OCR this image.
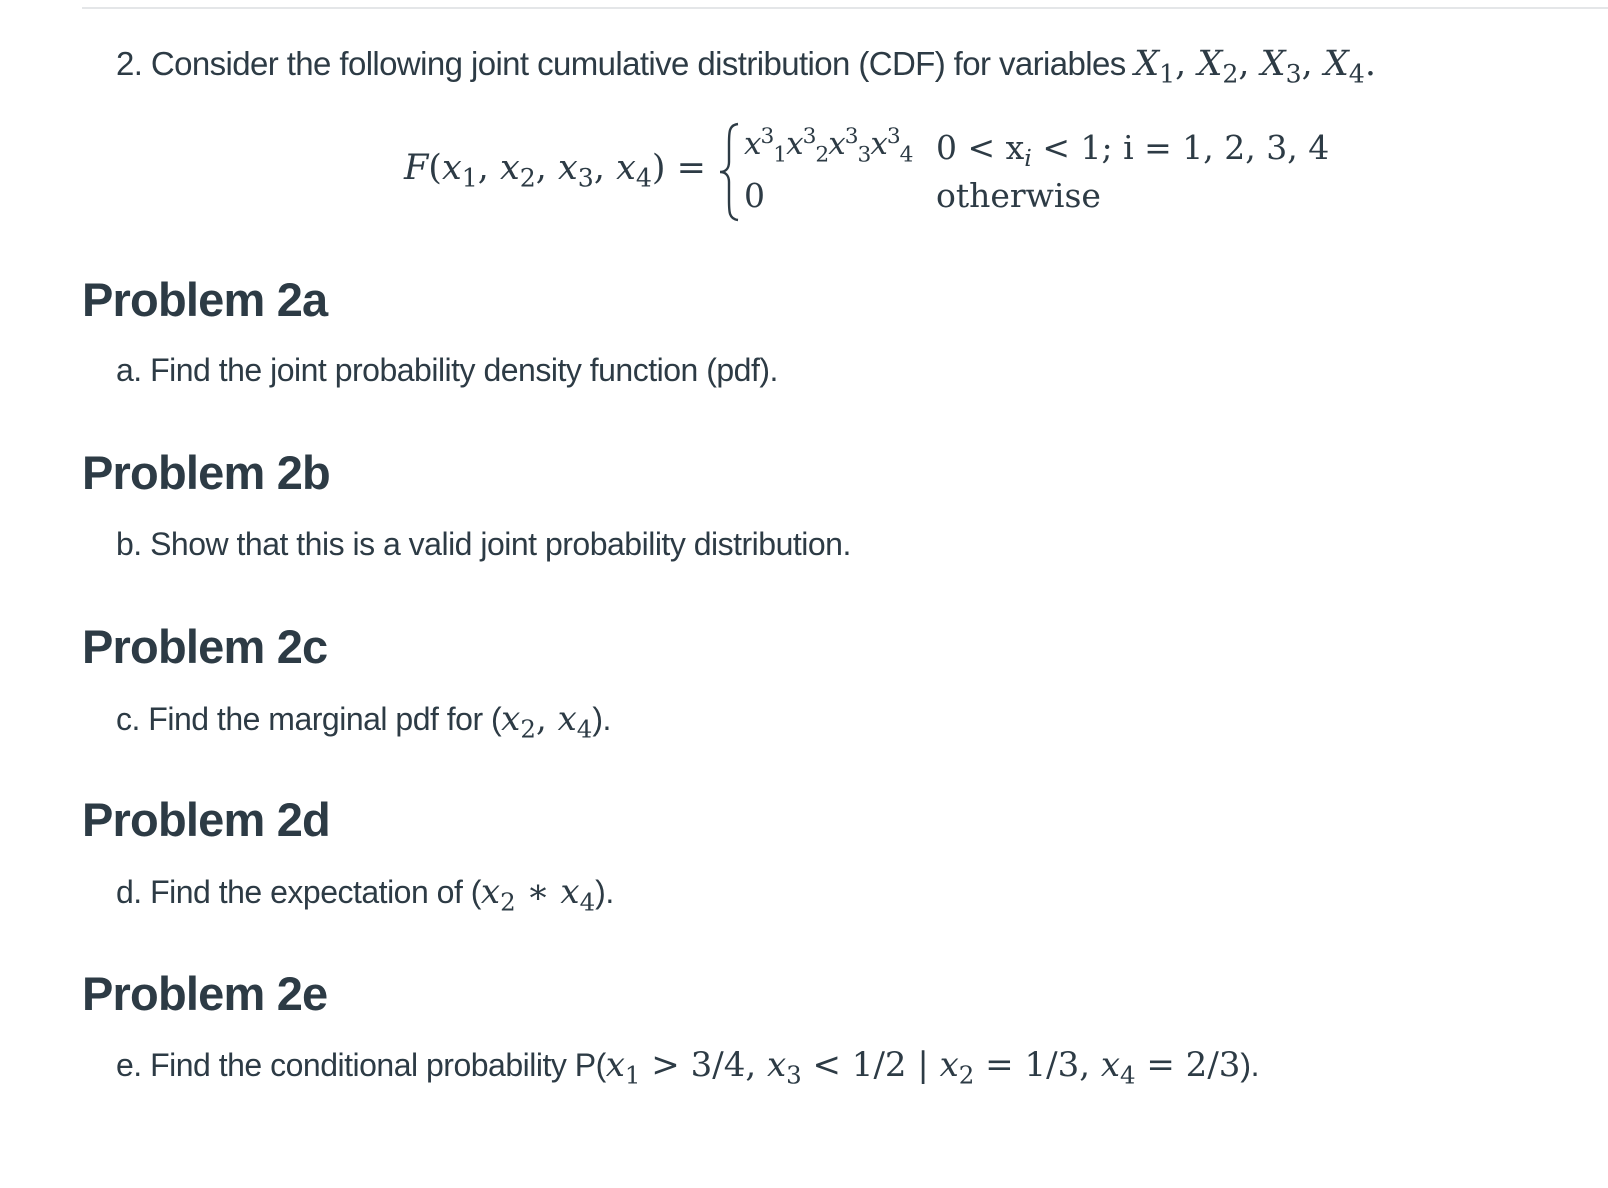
2. Consider the following joint cumulative distribution (CDF) for variables $X_1$, $X_2$, $X_3$, $X_4$.
$F(x_1$, $x_2$, $x_3$, $x_4$) =
$x^3_1x^3_2x^3_3x^3_4$
0
$0 < x_i < 1$; i = 1, 2, 3, 4
otherwise
Problem 2a
a. Find the joint probability density function (pdf).
Problem 2b
b. Show that this is a valid joint probability distribution.
Problem 2c
c. Find the marginal pdf for ($x_2$, $x_4$).
Problem 2d
d. Find the expectation of ($x_2$ ∗ $x_4$).
Problem 2e
e. Find the conditional probability $P(x_1 > 3/4$, $x_3 < 1/2$ | $x_2 = 1/3$, $x_4 = 2/3$).
